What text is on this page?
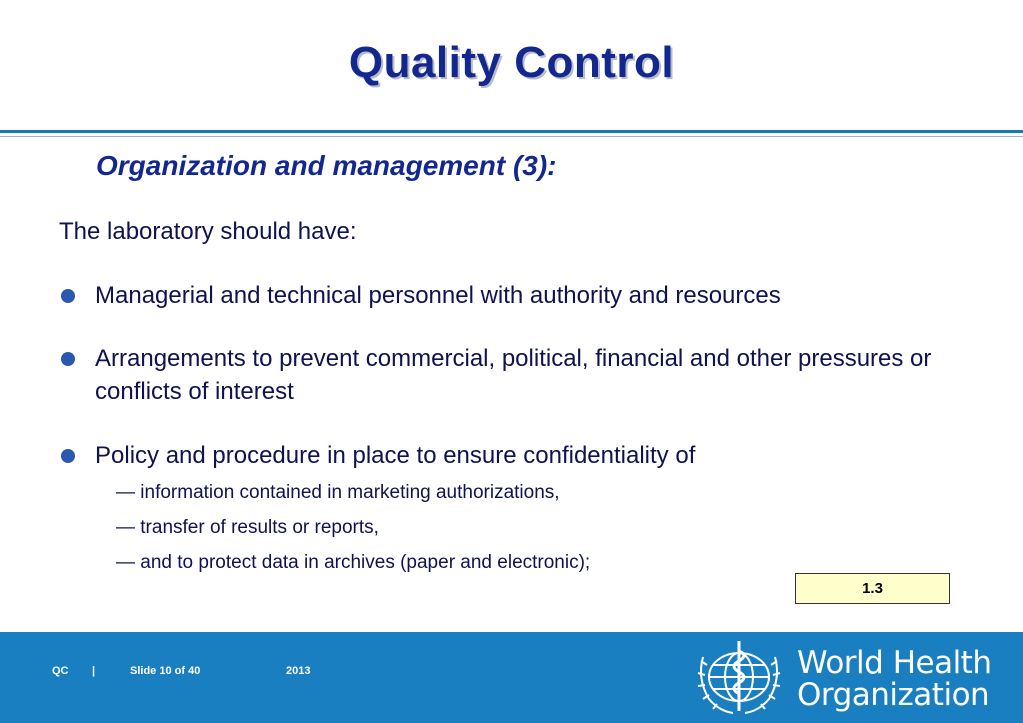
Quality Control
Organization and management (3):
The laboratory should have:
Managerial and technical personnel with authority and resources
Arrangements to prevent commercial, political, financial and other pressures or conflicts of interest
Policy and procedure in place to ensure confidentiality of
— information contained in marketing authorizations,
— transfer of results or reports,
— and to protect data in archives (paper and electronic);
1.3
QC |	Slide 10 of 40	2013	World Health
Organization
